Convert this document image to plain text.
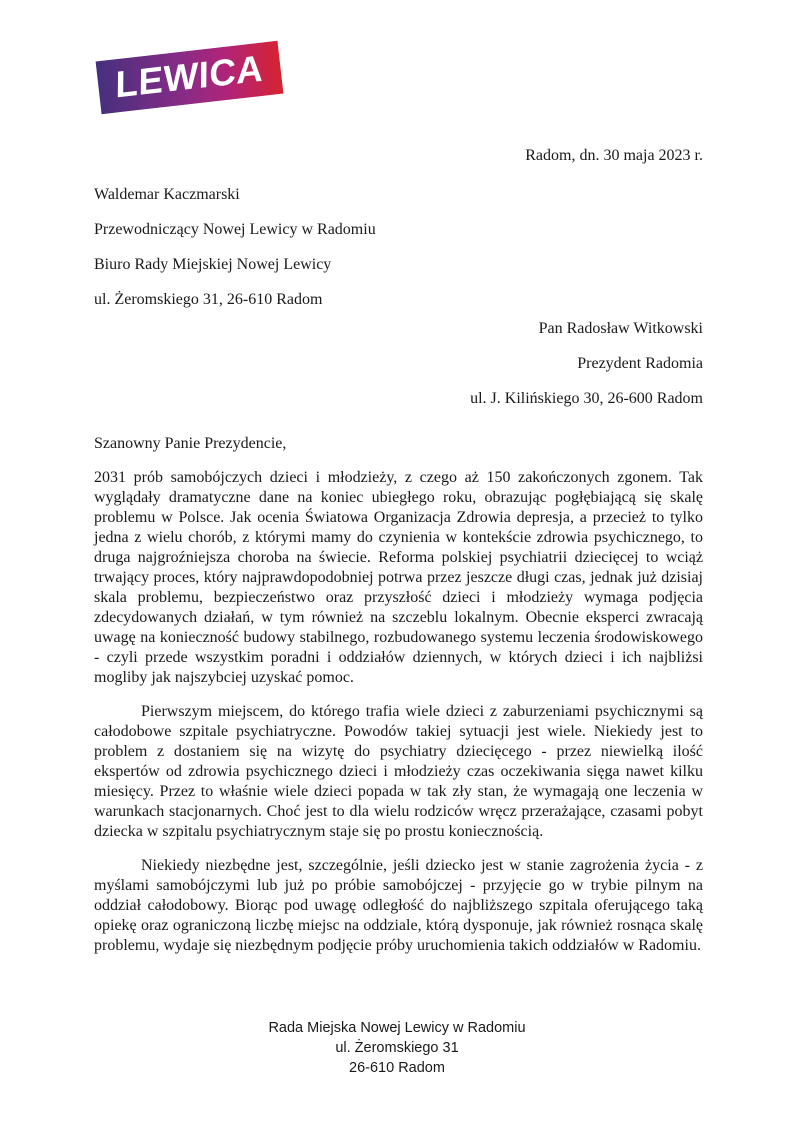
LEWICA
Radom, dn. 30 maja 2023 r.
Waldemar Kaczmarski
Przewodniczący Nowej Lewicy w Radomiu
Biuro Rady Miejskiej Nowej Lewicy
ul. Żeromskiego 31, 26-610 Radom
Pan Radosław Witkowski
Prezydent Radomia
ul. J. Kilińskiego 30, 26-600 Radom

Szanowny Panie Prezydencie,

2031 prób samobójczych dzieci i młodzieży, z czego aż 150 zakończonych zgonem. Tak wyglądały dramatyczne dane na koniec ubiegłego roku, obrazując pogłębiającą się skalę problemu w Polsce. Jak ocenia Światowa Organizacja Zdrowia depresja, a przecież to tylko jedna z wielu chorób, z którymi mamy do czynienia w kontekście zdrowia psychicznego, to druga najgroźniejsza choroba na świecie. Reforma polskiej psychiatrii dziecięcej to wciąż trwający proces, który najprawdopodobniej potrwa przez jeszcze długi czas, jednak już dzisiaj skala problemu, bezpieczeństwo oraz przyszłość dzieci i młodzieży wymaga podjęcia zdecydowanych działań, w tym również na szczeblu lokalnym. Obecnie eksperci zwracają uwagę na konieczność budowy stabilnego, rozbudowanego systemu leczenia środowiskowego - czyli przede wszystkim poradni i oddziałów dziennych, w których dzieci i ich najbliżsi mogliby jak najszybciej uzyskać pomoc.

Pierwszym miejscem, do którego trafia wiele dzieci z zaburzeniami psychicznymi są całodobowe szpitale psychiatryczne. Powodów takiej sytuacji jest wiele. Niekiedy jest to problem z dostaniem się na wizytę do psychiatry dziecięcego - przez niewielką ilość ekspertów od zdrowia psychicznego dzieci i młodzieży czas oczekiwania sięga nawet kilku miesięcy. Przez to właśnie wiele dzieci popada w tak zły stan, że wymagają one leczenia w warunkach stacjonarnych. Choć jest to dla wielu rodziców wręcz przerażające, czasami pobyt dziecka w szpitalu psychiatrycznym staje się po prostu koniecznością.

Niekiedy niezbędne jest, szczególnie, jeśli dziecko jest w stanie zagrożenia życia - z myślami samobójczymi lub już po próbie samobójczej - przyjęcie go w trybie pilnym na oddział całodobowy. Biorąc pod uwagę odległość do najbliższego szpitala oferującego taką opiekę oraz ograniczoną liczbę miejsc na oddziale, którą dysponuje, jak również rosnąca skalę problemu, wydaje się niezbędnym podjęcie próby uruchomienia takich oddziałów w Radomiu.

Rada Miejska Nowej Lewicy w Radomiu
ul. Żeromskiego 31
26-610 Radom
